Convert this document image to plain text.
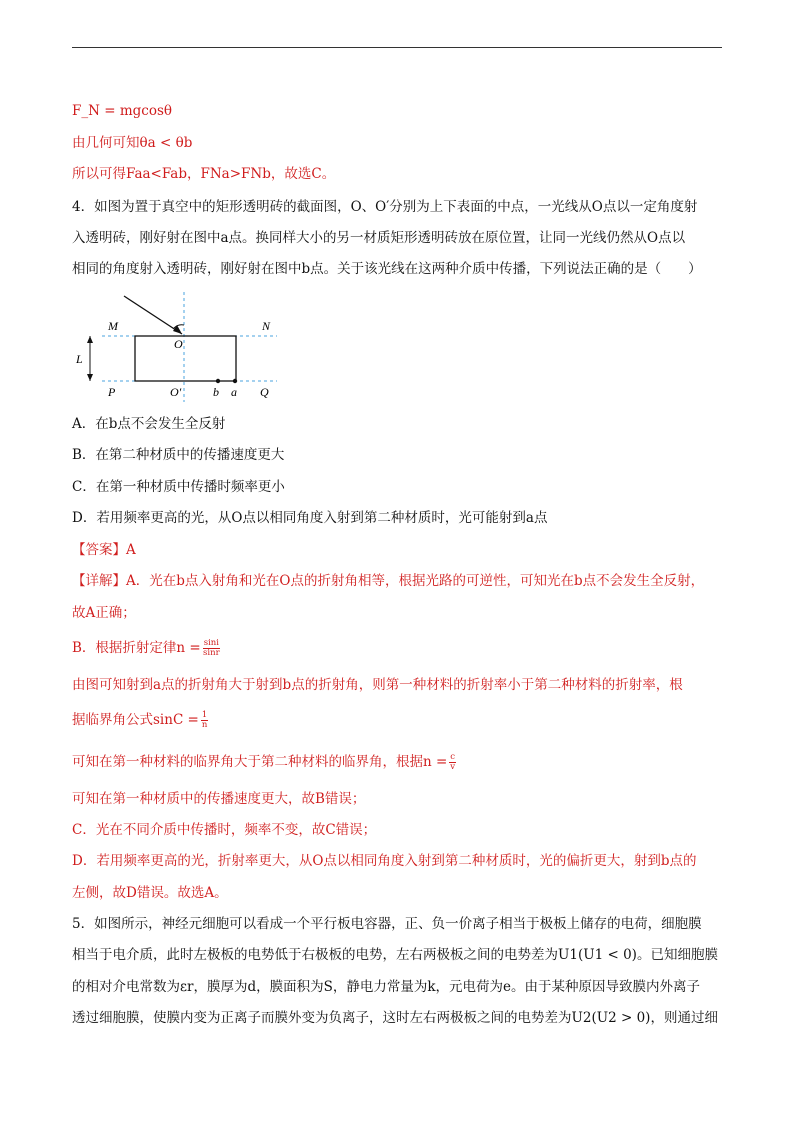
F_N = mgcosθ
由几何可知θa < θb
所以可得Faa<Fab，FNa>FNb，故选C。
4．如图为置于真空中的矩形透明砖的截面图，O、O′分别为上下表面的中点，一光线从O点以一定角度射
入透明砖，刚好射在图中a点。换同样大小的另一材质矩形透明砖放在原位置，让同一光线仍然从O点以
相同的角度射入透明砖，刚好射在图中b点。关于该光线在这两种介质中传播，下列说法正确的是（　　）
M	N
O
L
P	O′	b a Q
A．在b点不会发生全反射
B．在第二种材质中的传播速度更大
C．在第一种材质中传播时频率更小
D．若用频率更高的光，从O点以相同角度入射到第二种材质时，光可能射到a点
【答案】A
【详解】A．光在b点入射角和光在O点的折射角相等，根据光路的可逆性，可知光在b点不会发生全反射，
故A正确；
B．根据折射定律$n = \frac{\sin i}{\sin r}$
由图可知射到a点的折射角大于射到b点的折射角，则第一种材料的折射率小于第二种材料的折射率，根
据临界角公式$\sin C = \frac{1}{n}$
可知在第一种材料的临界角大于第二种材料的临界角，根据$n = \frac{c}{v}$
可知在第一种材质中的传播速度更大，故B错误；
C．光在不同介质中传播时，频率不变，故C错误；
D．若用频率更高的光，折射率更大，从O点以相同角度入射到第二种材质时，光的偏折更大，射到b点的
左侧，故D错误。故选A。
5．如图所示，神经元细胞可以看成一个平行板电容器，正、负一价离子相当于极板上储存的电荷，细胞膜
相当于电介质，此时左极板的电势低于右极板的电势，左右两极板之间的电势差为U1(U1 < 0)。已知细胞膜
的相对介电常数为εr，膜厚为d，膜面积为S，静电力常量为k，元电荷为e。由于某种原因导致膜内外离子
透过细胞膜，使膜内变为正离子而膜外变为负离子，这时左右两极板之间的电势差为U2(U2 > 0)，则通过细
